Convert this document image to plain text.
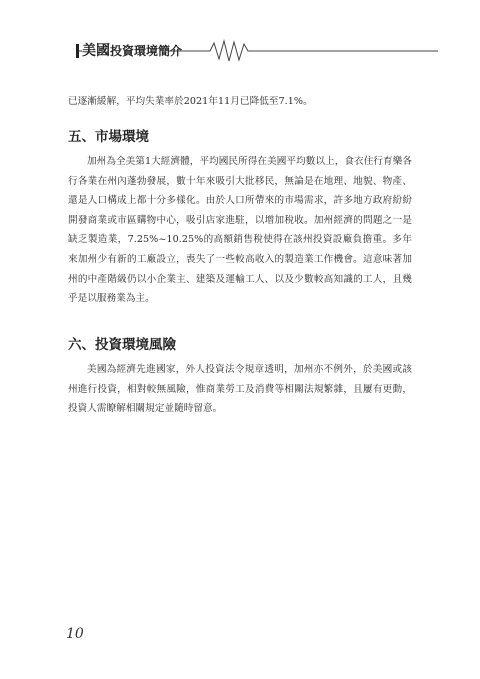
美國投資環境簡介

已逐漸緩解，平均失業率於2021年11月已降低至7.1%。

五、市場環境

加州為全美第1大經濟體，平均國民所得在美國平均數以上，食衣住行育樂各行各業在州內蓬勃發展，數十年來吸引大批移民，無論是在地理、地貌、物產、還是人口構成上都十分多樣化。由於人口所帶來的市場需求，許多地方政府紛紛開發商業或市區購物中心，吸引店家進駐，以增加稅收。加州經濟的問題之一是缺乏製造業，7.25%~10.25%的高額銷售稅使得在該州投資設廠負擔重。多年來加州少有新的工廠設立，喪失了一些較高收入的製造業工作機會。這意味著加州的中產階級仍以小企業主、建築及運輸工人、以及少數較高知識的工人，且幾乎是以服務業為主。

六、投資環境風險

美國為經濟先進國家，外人投資法令規章透明，加州亦不例外，於美國或該州進行投資，相對較無風險，惟商業勞工及消費等相關法規繁雜，且屢有更動，投資人需瞭解相關規定並隨時留意。

10
